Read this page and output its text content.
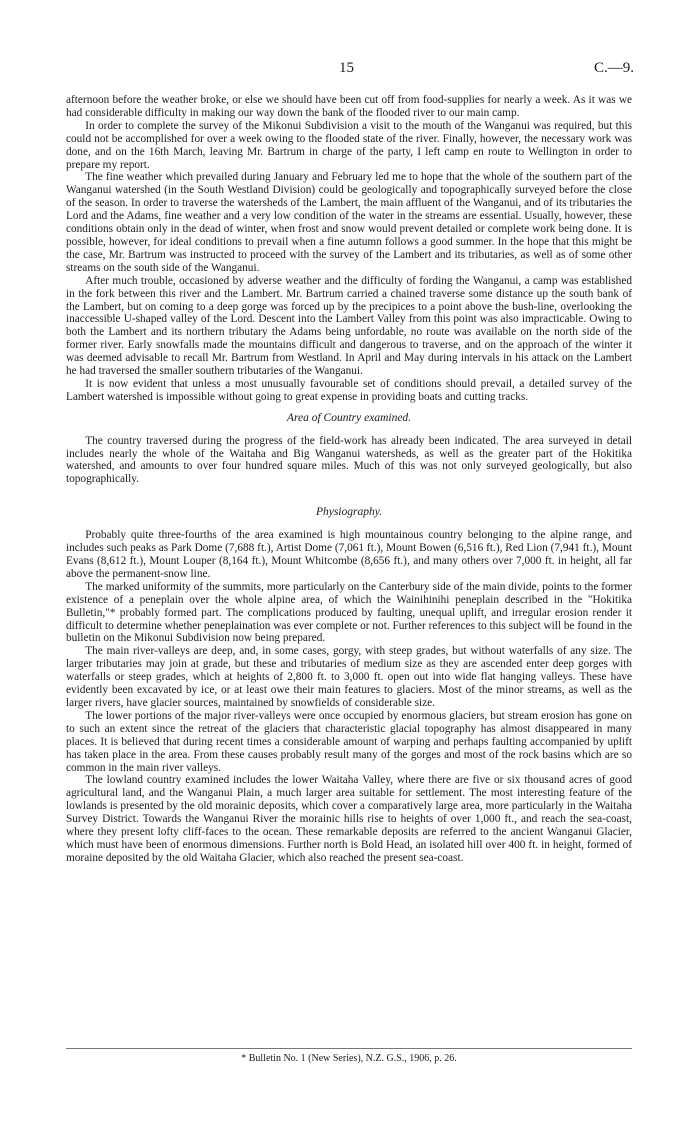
15	C.—9.

afternoon before the weather broke, or else we should have been cut off from food-supplies for nearly a week. As it was we had considerable difficulty in making our way down the bank of the flooded river to our main camp.

In order to complete the survey of the Mikonui Subdivision a visit to the mouth of the Wanganui was required, but this could not be accomplished for over a week owing to the flooded state of the river. Finally, however, the necessary work was done, and on the 16th March, leaving Mr. Bartrum in charge of the party, I left camp en route to Wellington in order to prepare my report.

The fine weather which prevailed during January and February led me to hope that the whole of the southern part of the Wanganui watershed (in the South Westland Division) could be geologically and topographically surveyed before the close of the season. In order to traverse the watersheds of the Lambert, the main affluent of the Wanganui, and of its tributaries the Lord and the Adams, fine weather and a very low condition of the water in the streams are essential. Usually, however, these conditions obtain only in the dead of winter, when frost and snow would prevent detailed or complete work being done. It is possible, however, for ideal conditions to prevail when a fine autumn follows a good summer. In the hope that this might be the case, Mr. Bartrum was instructed to proceed with the survey of the Lambert and its tributaries, as well as of some other streams on the south side of the Wanganui.

After much trouble, occasioned by adverse weather and the difficulty of fording the Wanganui, a camp was established in the fork between this river and the Lambert. Mr. Bartrum carried a chained traverse some distance up the south bank of the Lambert, but on coming to a deep gorge was forced up by the precipices to a point above the bush-line, overlooking the inaccessible U-shaped valley of the Lord. Descent into the Lambert Valley from this point was also impracticable. Owing to both the Lambert and its northern tributary the Adams being unfordable, no route was available on the north side of the former river. Early snowfalls made the mountains difficult and dangerous to traverse, and on the approach of the winter it was deemed advisable to recall Mr. Bartrum from Westland. In April and May during intervals in his attack on the Lambert he had traversed the smaller southern tributaries of the Wanganui.

It is now evident that unless a most unusually favourable set of conditions should prevail, a detailed survey of the Lambert watershed is impossible without going to great expense in providing boats and cutting tracks.

Area of Country examined.

The country traversed during the progress of the field-work has already been indicated. The area surveyed in detail includes nearly the whole of the Waitaha and Big Wanganui watersheds, as well as the greater part of the Hokitika watershed, and amounts to over four hundred square miles. Much of this was not only surveyed geologically, but also topographically.

Physiography.

Probably quite three-fourths of the area examined is high mountainous country belonging to the alpine range, and includes such peaks as Park Dome (7,688 ft.), Artist Dome (7,061 ft.), Mount Bowen (6,516 ft.), Red Lion (7,941 ft.), Mount Evans (8,612 ft.), Mount Louper (8,164 ft.), Mount Whitcombe (8,656 ft.), and many others over 7,000 ft. in height, all far above the permanent-snow line.

The marked uniformity of the summits, more particularly on the Canterbury side of the main divide, points to the former existence of a peneplain over the whole alpine area, of which the Wainihinihi peneplain described in the "Hokitika Bulletin,"* probably formed part. The complications produced by faulting, unequal uplift, and irregular erosion render it difficult to determine whether peneplaination was ever complete or not. Further references to this subject will be found in the bulletin on the Mikonui Subdivision now being prepared.

The main river-valleys are deep, and, in some cases, gorgy, with steep grades, but without waterfalls of any size. The larger tributaries may join at grade, but these and tributaries of medium size as they are ascended enter deep gorges with waterfalls or steep grades, which at heights of 2,800 ft. to 3,000 ft. open out into wide flat hanging valleys. These have evidently been excavated by ice, or at least owe their main features to glaciers. Most of the minor streams, as well as the larger rivers, have glacier sources, maintained by snowfields of considerable size.

The lower portions of the major river-valleys were once occupied by enormous glaciers, but stream erosion has gone on to such an extent since the retreat of the glaciers that characteristic glacial topography has almost disappeared in many places. It is believed that during recent times a considerable amount of warping and perhaps faulting accompanied by uplift has taken place in the area. From these causes probably result many of the gorges and most of the rock basins which are so common in the main river valleys.

The lowland country examined includes the lower Waitaha Valley, where there are five or six thousand acres of good agricultural land, and the Wanganui Plain, a much larger area suitable for settlement. The most interesting feature of the lowlands is presented by the old morainic deposits, which cover a comparatively large area, more particularly in the Waitaha Survey District. Towards the Wanganui River the morainic hills rise to heights of over 1,000 ft., and reach the sea-coast, where they present lofty cliff-faces to the ocean. These remarkable deposits are referred to the ancient Wanganui Glacier, which must have been of enormous dimensions. Further north is Bold Head, an isolated hill over 400 ft. in height, formed of moraine deposited by the old Waitaha Glacier, which also reached the present sea-coast.

* Bulletin No. 1 (New Series), N.Z. G.S., 1906, p. 26.
